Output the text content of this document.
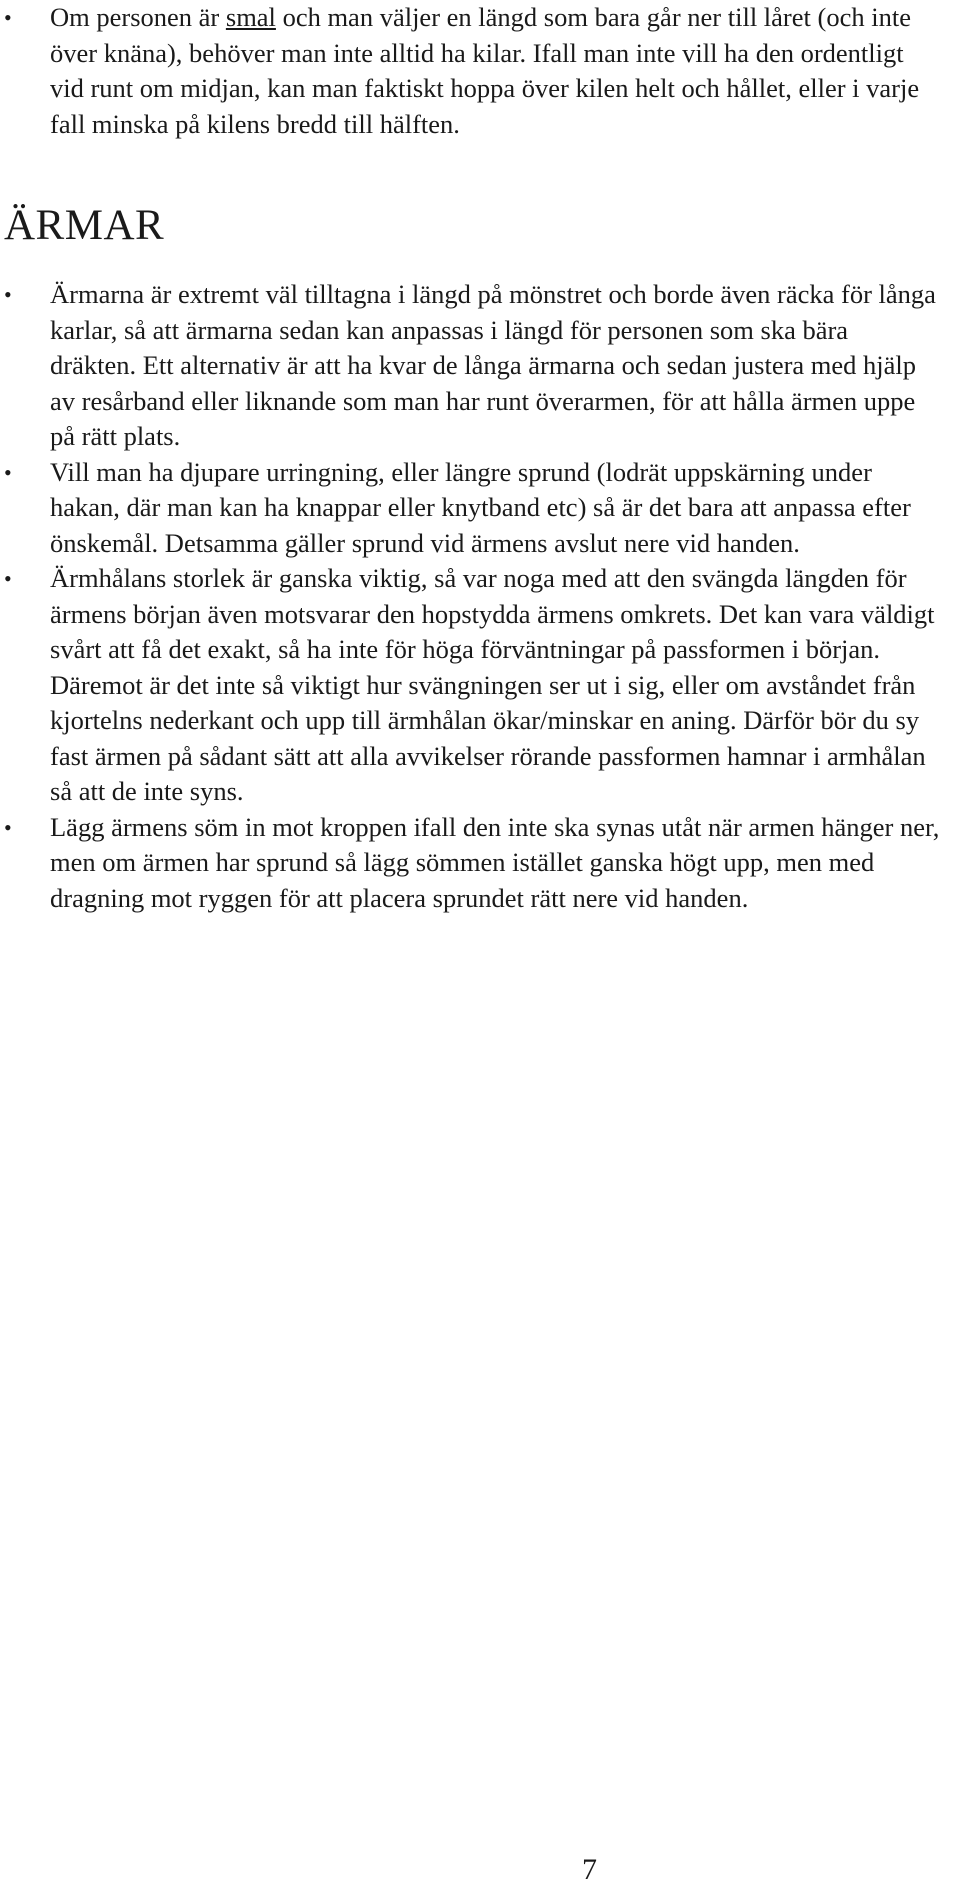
• Om personen är smal och man väljer en längd som bara går ner till låret (och inte över knäna), behöver man inte alltid ha kilar. Ifall man inte vill ha den ordentligt vid runt om midjan, kan man faktiskt hoppa över kilen helt och hållet, eller i varje fall minska på kilens bredd till hälften.
ÄRMAR
• Ärmarna är extremt väl tilltagna i längd på mönstret och borde även räcka för långa karlar, så att ärmarna sedan kan anpassas i längd för personen som ska bära dräkten. Ett alternativ är att ha kvar de långa ärmarna och sedan justera med hjälp av resårband eller liknande som man har runt överarmen, för att hålla ärmen uppe på rätt plats.
• Vill man ha djupare urringning, eller längre sprund (lodrät uppskärning under hakan, där man kan ha knappar eller knytband etc) så är det bara att anpassa efter önskemål. Detsamma gäller sprund vid ärmens avslut nere vid handen.
• Ärmhålans storlek är ganska viktig, så var noga med att den svängda längden för ärmens början även motsvarar den hopstydda ärmens omkrets. Det kan vara väldigt svårt att få det exakt, så ha inte för höga förväntningar på passformen i början. Däremot är det inte så viktigt hur svängningen ser ut i sig, eller om avståndet från kjortelns nederkant och upp till ärmhålan ökar/minskar en aning. Därför bör du sy fast ärmen på sådant sätt att alla avvikelser rörande passformen hamnar i armhålan så att de inte syns.
• Lägg ärmens söm in mot kroppen ifall den inte ska synas utåt när armen hänger ner, men om ärmen har sprund så lägg sömmen istället ganska högt upp, men med dragning mot ryggen för att placera sprundet rätt nere vid handen.
7
